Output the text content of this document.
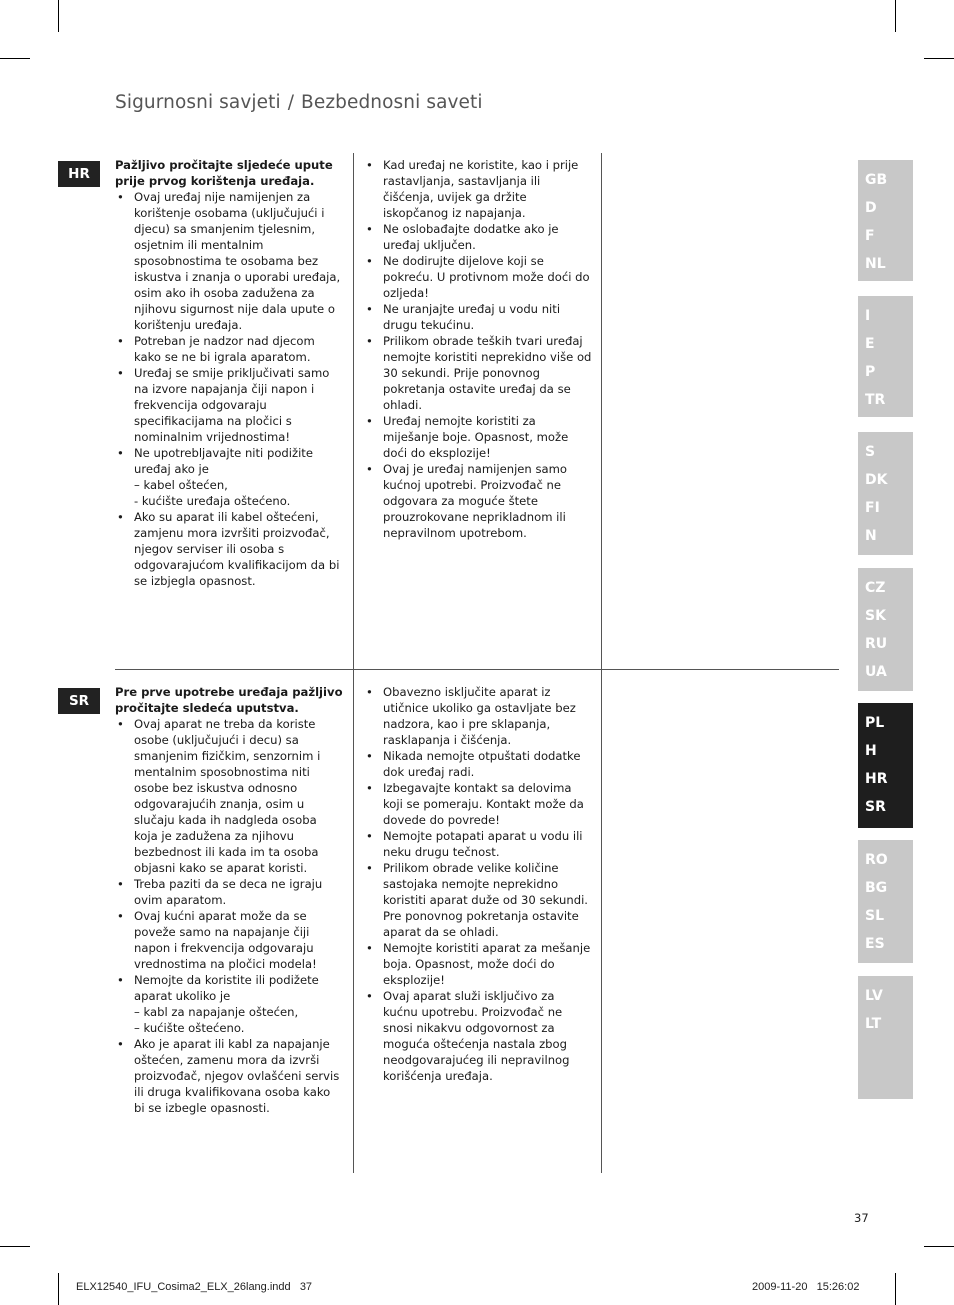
Sigurnosni savjeti / Bezbednosni saveti
HR

Pažljivo pročitajte sljedeće upute prije prvog korištenja uređaja.

• Ovaj uređaj nije namijenjen za korištenje osobama (uključujući i djecu) sa smanjenim tjelesnim, osjetnim ili mentalnim sposobnostima te osobama bez iskustva i znanja o uporabi uređaja, osim ako ih osoba zadužena za njihovu sigurnost nije dala upute o korištenju uređaja.
• Potreban je nadzor nad djecom kako se ne bi igrala aparatom.
• Uređaj se smije priključivati samo na izvore napajanja čiji napon i frekvencija odgovaraju specifikacijama na pločici s nominalnim vrijednostima!
• Ne upotrebljavajte niti podižite uređaj ako je
– kabel oštećen,
- kućište uređaja oštećeno.
• Ako su aparat ili kabel oštećeni, zamjenu mora izvršiti proizvođač, njegov serviser ili osoba s odgovarajućom kvalifikacijom da bi se izbjegla opasnost.
• Kad uređaj ne koristite, kao i prije rastavljanja, sastavljanja ili čišćenja, uvijek ga držite iskopčanog iz napajanja.
• Ne oslobađajte dodatke ako je uređaj uključen.
• Ne dodirujte dijelove koji se pokreću. U protivnom može doći do ozljeda!
• Ne uranjajte uređaj u vodu niti drugu tekućinu.
• Prilikom obrade teških tvari uređaj nemojte koristiti neprekidno više od 30 sekundi. Prije ponovnog pokretanja ostavite uređaj da se ohladi.
• Uređaj nemojte koristiti za miješanje boje. Opasnost, može doći do eksplozije!
• Ovaj je uređaj namijenjen samo kućnoj upotrebi. Proizvođač ne odgovara za moguće štete prouzrokovane neprikladnom ili nepravilnom upotrebom.
SR

Pre prve upotrebe uređaja pažljivo pročitajte sledeća uputstva.

• Ovaj aparat ne treba da koriste osobe (uključujući i decu) sa smanjenim fizičkim, senzornim i mentalnim sposobnostima niti osobe bez iskustva odnosno odgovarajućih znanja, osim u slučaju kada ih nadgleda osoba koja je zadužena za njihovu bezbednost ili kada im ta osoba objasni kako se aparat koristi.
• Treba paziti da se deca ne igraju ovim aparatom.
• Ovaj kućni aparat može da se poveže samo na napajanje čiji napon i frekvencija odgovaraju vrednostima na pločici modela!
• Nemojte da koristite ili podižete aparat ukoliko je
– kabl za napajanje oštećen,
– kućište oštećeno.
• Ako je aparat ili kabl za napajanje oštećen, zamenu mora da izvrši proizvođač, njegov ovlašćeni servis ili druga kvalifikovana osoba kako bi se izbegle opasnosti.
• Obavezno isključite aparat iz utičnice ukoliko ga ostavljate bez nadzora, kao i pre sklapanja, rasklapanja i čišćenja.
• Nikada nemojte otpuštati dodatke dok uređaj radi.
• Izbegavajte kontakt sa delovima koji se pomeraju. Kontakt može da dovede do povrede!
• Nemojte potapati aparat u vodu ili neku drugu tečnost.
• Prilikom obrade velike količine sastojaka nemojte neprekidno koristiti aparat duže od 30 sekundi. Pre ponovnog pokretanja ostavite aparat da se ohladi.
• Nemojte koristiti aparat za mešanje boja. Opasnost, može doći do eksplozije!
• Ovaj aparat služi isključivo za kućnu upotrebu. Proizvođač ne snosi nikakvu odgovornost za moguća oštećenja nastala zbog neodgovarajućeg ili nepravilnog korišćenja uređaja.
GB
D
F
NL
I
E
P
TR
S
DK
FI
N
CZ
SK
RU
UA
PL
H
HR
SR
RO
BG
SL
ES
LV
LT
37
ELX12540_IFU_Cosima2_ELX_26lang.indd   37	2009-11-20   15:26:02
